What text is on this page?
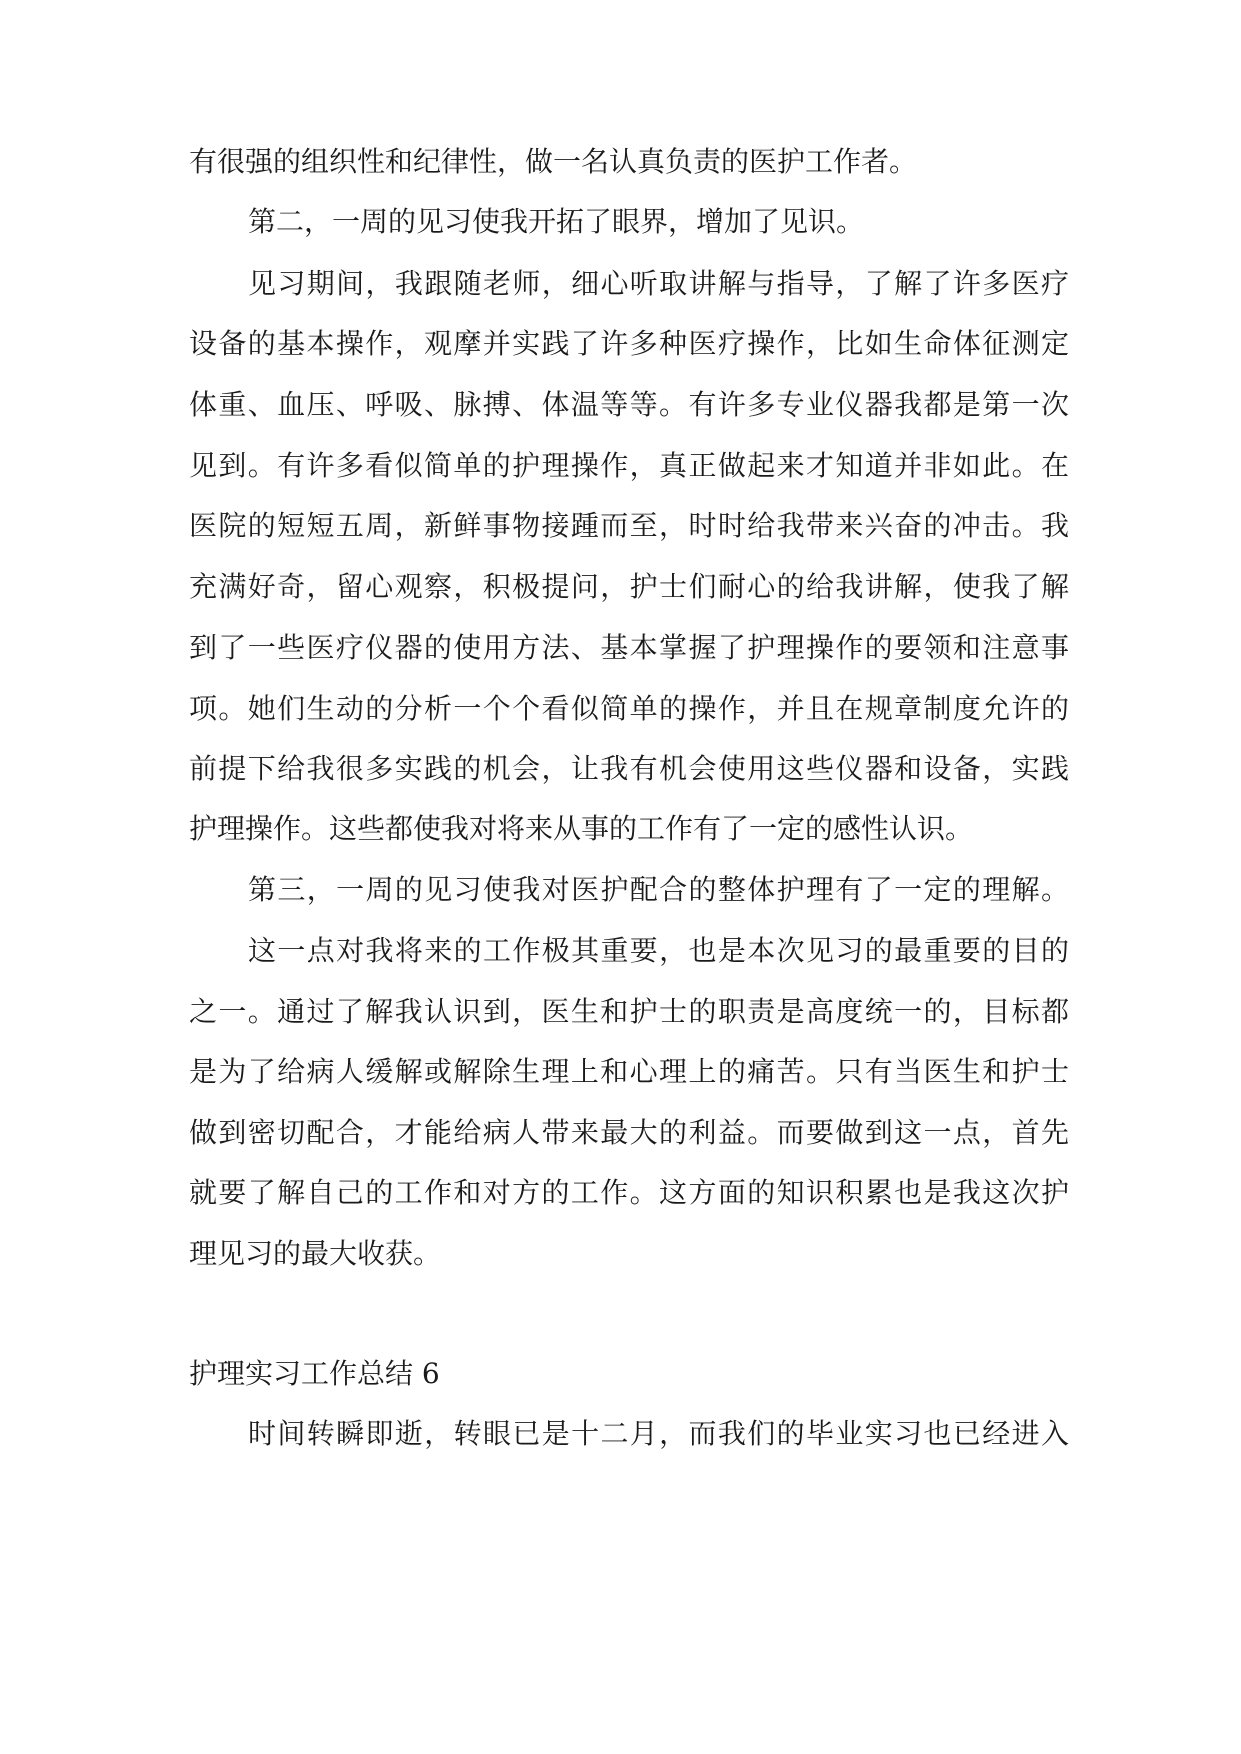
有很强的组织性和纪律性，做一名认真负责的医护工作者。

第二，一周的见习使我开拓了眼界，增加了见识。

见习期间，我跟随老师，细心听取讲解与指导，了解了许多医疗

设备的基本操作，观摩并实践了许多种医疗操作，比如生命体征测定

体重、血压、呼吸、脉搏、体温等等。有许多专业仪器我都是第一次

见到。有许多看似简单的护理操作，真正做起来才知道并非如此。在

医院的短短五周，新鲜事物接踵而至，时时给我带来兴奋的冲击。我

充满好奇，留心观察，积极提问，护士们耐心的给我讲解，使我了解

到了一些医疗仪器的使用方法、基本掌握了护理操作的要领和注意事

项。她们生动的分析一个个看似简单的操作，并且在规章制度允许的

前提下给我很多实践的机会，让我有机会使用这些仪器和设备，实践

护理操作。这些都使我对将来从事的工作有了一定的感性认识。

第三，一周的见习使我对医护配合的整体护理有了一定的理解。

这一点对我将来的工作极其重要，也是本次见习的最重要的目的

之一。通过了解我认识到，医生和护士的职责是高度统一的，目标都

是为了给病人缓解或解除生理上和心理上的痛苦。只有当医生和护士

做到密切配合，才能给病人带来最大的利益。而要做到这一点，首先

就要了解自己的工作和对方的工作。这方面的知识积累也是我这次护

理见习的最大收获。

护理实习工作总结 6

时间转瞬即逝，转眼已是十二月，而我们的毕业实习也已经进入
